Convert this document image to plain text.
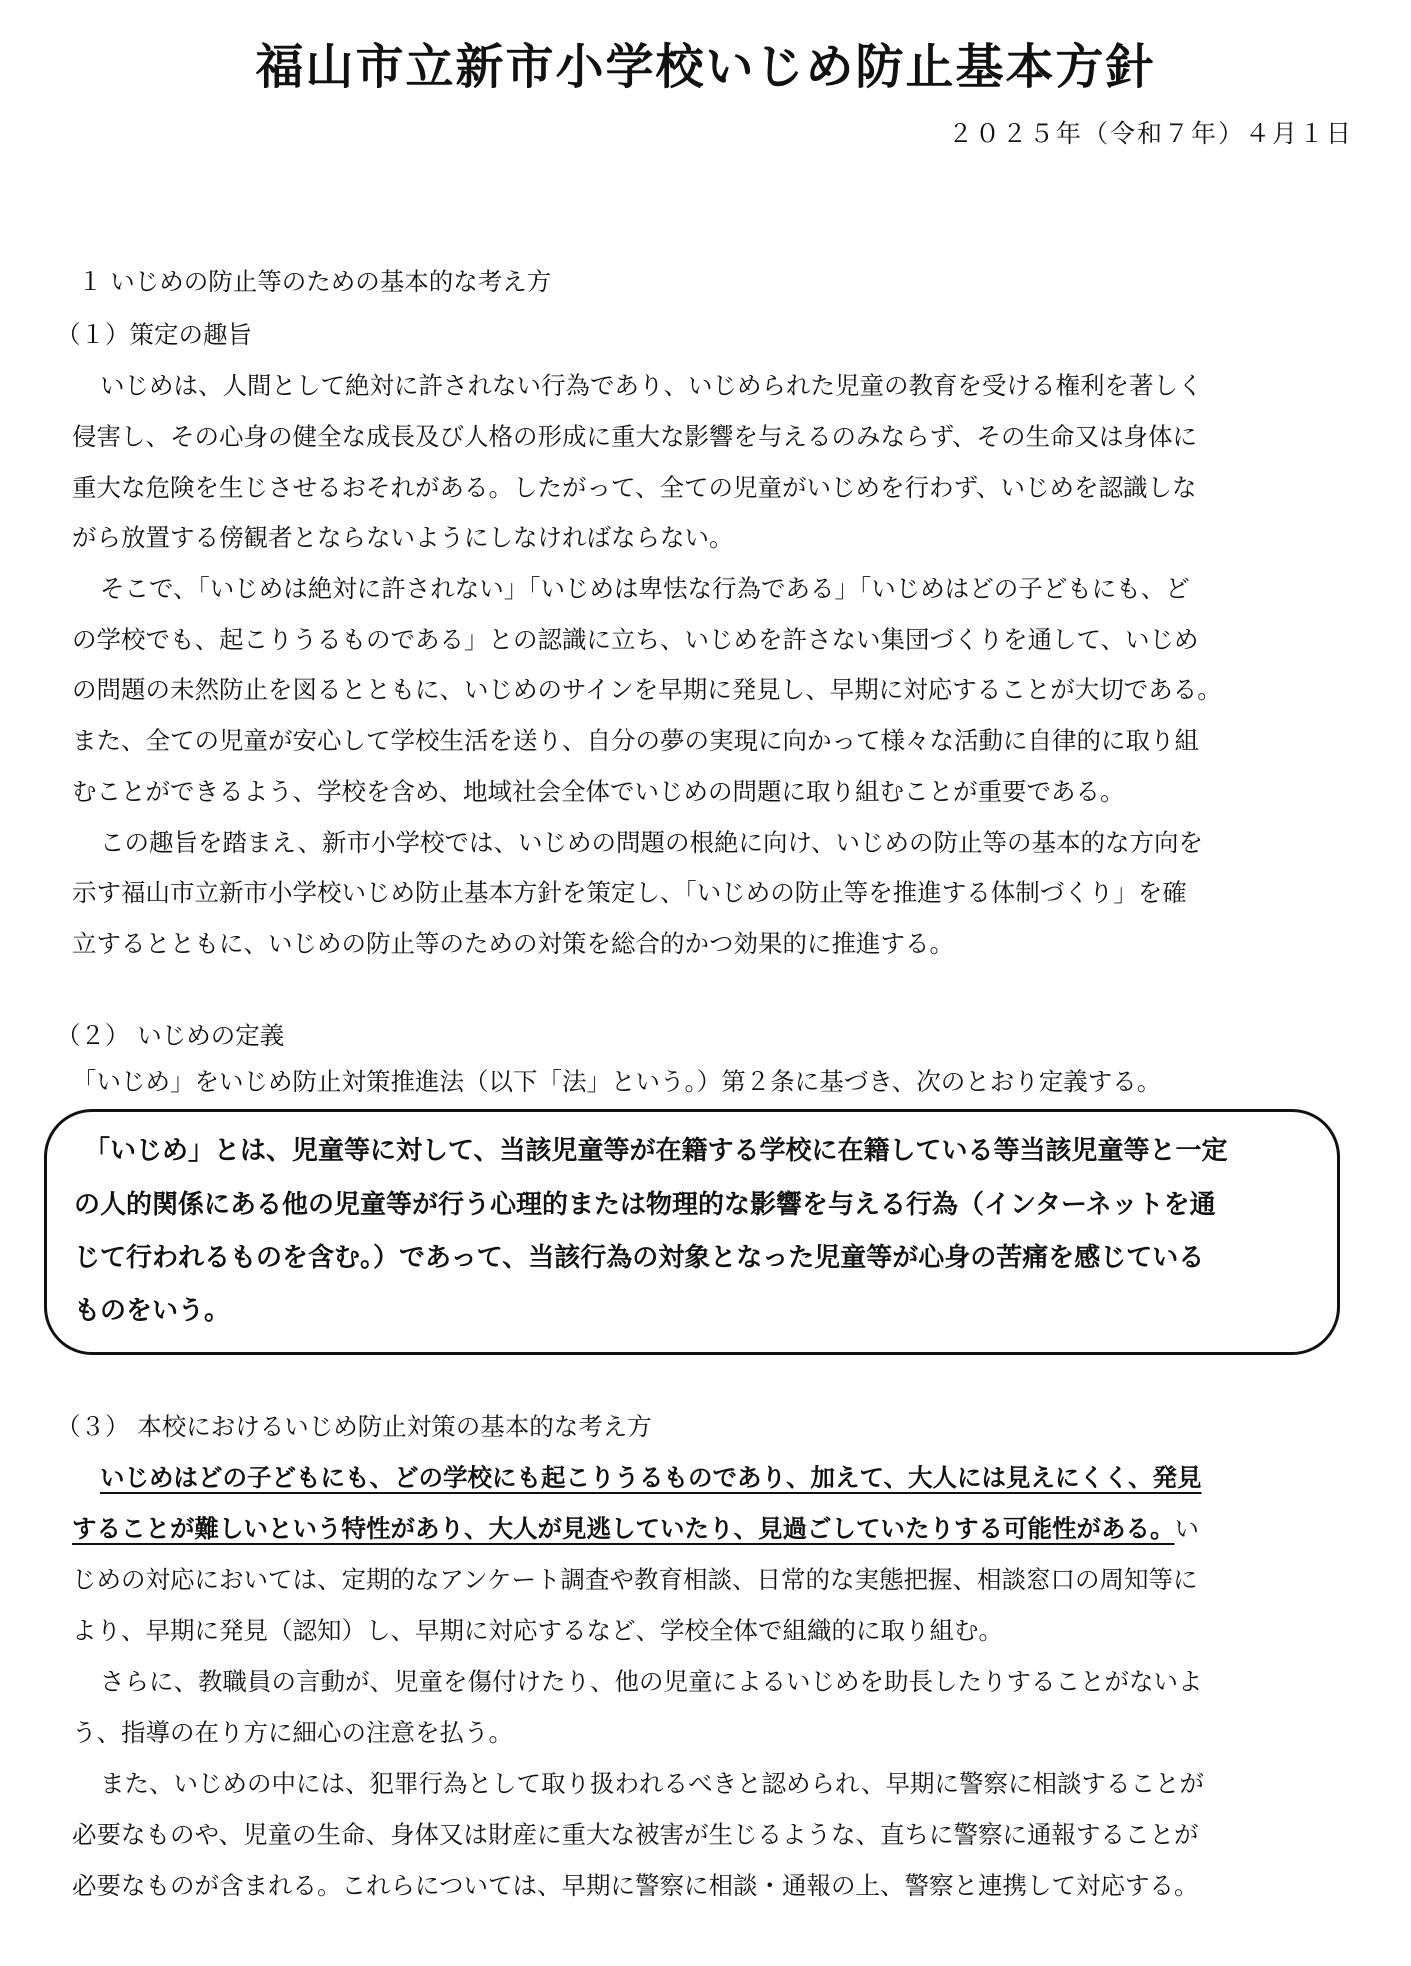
福山市立新市小学校いじめ防止基本方針
２０２５年（令和７年）４月１日
１ いじめの防止等のための基本的な考え方
（１）策定の趣旨
いじめは、人間として絶対に許されない行為であり、いじめられた児童の教育を受ける権利を著しく
侵害し、その心身の健全な成長及び人格の形成に重大な影響を与えるのみならず、その生命又は身体に
重大な危険を生じさせるおそれがある。したがって、全ての児童がいじめを行わず、いじめを認識しな
がら放置する傍観者とならないようにしなければならない。
そこで、「いじめは絶対に許されない」「いじめは卑怯な行為である」「いじめはどの子どもにも、ど
の学校でも、起こりうるものである」との認識に立ち、いじめを許さない集団づくりを通して、いじめ
の問題の未然防止を図るとともに、いじめのサインを早期に発見し、早期に対応することが大切である。
また、全ての児童が安心して学校生活を送り、自分の夢の実現に向かって様々な活動に自律的に取り組
むことができるよう、学校を含め、地域社会全体でいじめの問題に取り組むことが重要である。
この趣旨を踏まえ、新市小学校では、いじめの問題の根絶に向け、いじめの防止等の基本的な方向を
示す福山市立新市小学校いじめ防止基本方針を策定し、「いじめの防止等を推進する体制づくり」を確
立するとともに、いじめの防止等のための対策を総合的かつ効果的に推進する。
（２） いじめの定義
「いじめ」をいじめ防止対策推進法（以下「法」という。）第２条に基づき、次のとおり定義する。
「いじめ」とは、児童等に対して、当該児童等が在籍する学校に在籍している等当該児童等と一定
の人的関係にある他の児童等が行う心理的または物理的な影響を与える行為（インターネットを通
じて行われるものを含む。）であって、当該行為の対象となった児童等が心身の苦痛を感じている
ものをいう。
（３） 本校におけるいじめ防止対策の基本的な考え方
いじめはどの子どもにも、どの学校にも起こりうるものであり、加えて、大人には見えにくく、発見
することが難しいという特性があり、大人が見逃していたり、見過ごしていたりする可能性がある。い
じめの対応においては、定期的なアンケート調査や教育相談、日常的な実態把握、相談窓口の周知等に
より、早期に発見（認知）し、早期に対応するなど、学校全体で組織的に取り組む。
さらに、教職員の言動が、児童を傷付けたり、他の児童によるいじめを助長したりすることがないよ
う、指導の在り方に細心の注意を払う。
また、いじめの中には、犯罪行為として取り扱われるべきと認められ、早期に警察に相談することが
必要なものや、児童の生命、身体又は財産に重大な被害が生じるような、直ちに警察に通報することが
必要なものが含まれる。これらについては、早期に警察に相談・通報の上、警察と連携して対応する。
